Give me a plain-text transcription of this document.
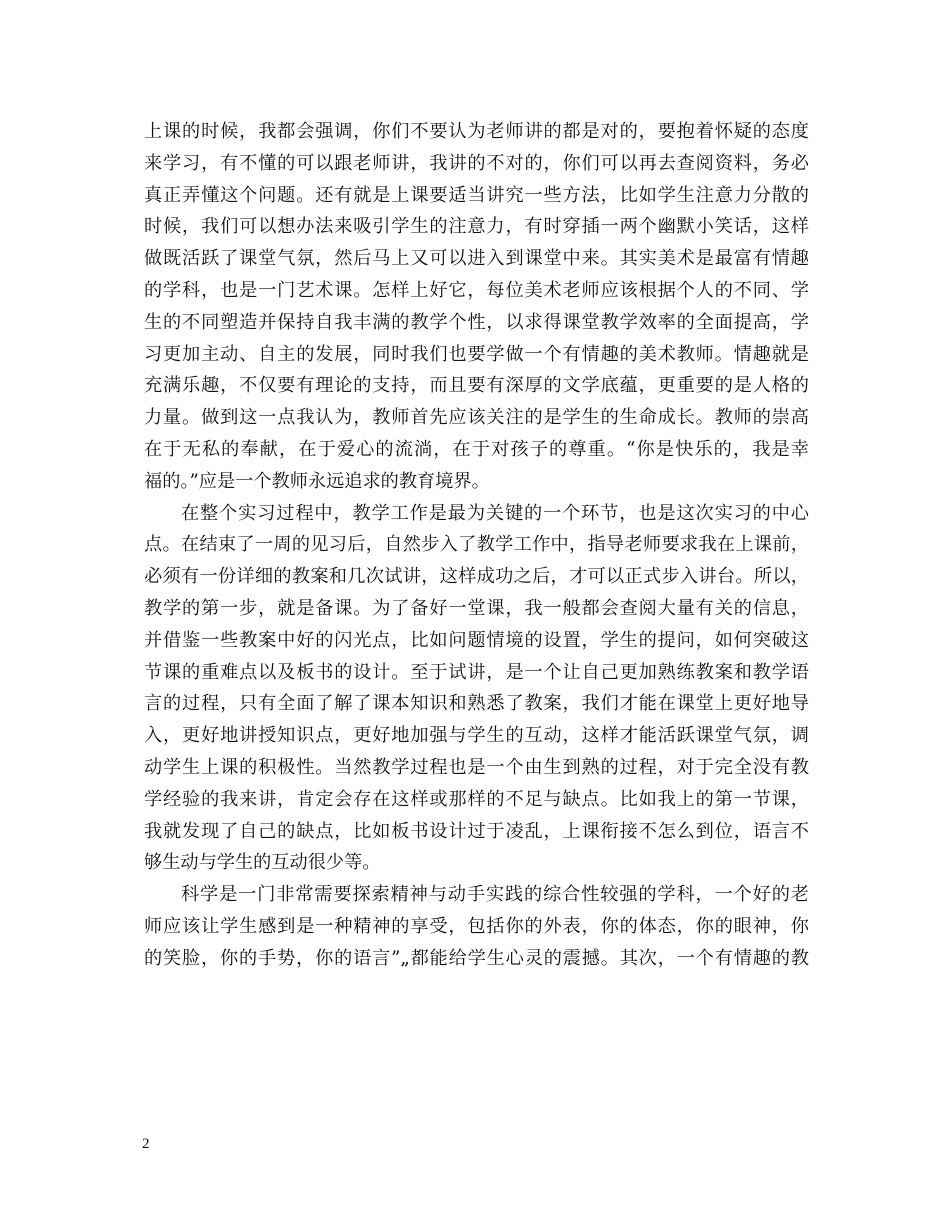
上课的时候，我都会强调，你们不要认为老师讲的都是对的，要抱着怀疑的态度
来学习，有不懂的可以跟老师讲，我讲的不对的，你们可以再去查阅资料，务必
真正弄懂这个问题。还有就是上课要适当讲究一些方法，比如学生注意力分散的
时候，我们可以想办法来吸引学生的注意力，有时穿插一两个幽默小笑话，这样
做既活跃了课堂气氛，然后马上又可以进入到课堂中来。其实美术是最富有情趣
的学科，也是一门艺术课。怎样上好它，每位美术老师应该根据个人的不同、学
生的不同塑造并保持自我丰满的教学个性，以求得课堂教学效率的全面提高，学
习更加主动、自主的发展，同时我们也要学做一个有情趣的美术教师。情趣就是
充满乐趣，不仅要有理论的支持，而且要有深厚的文学底蕴，更重要的是人格的
力量。做到这一点我认为，教师首先应该关注的是学生的生命成长。教师的崇高
在于无私的奉献，在于爱心的流淌，在于对孩子的尊重。“你是快乐的，我是幸
福的。”应是一个教师永远追求的教育境界。
在整个实习过程中，教学工作是最为关键的一个环节，也是这次实习的中心
点。在结束了一周的见习后，自然步入了教学工作中，指导老师要求我在上课前，
必须有一份详细的教案和几次试讲，这样成功之后，才可以正式步入讲台。所以，
教学的第一步，就是备课。为了备好一堂课，我一般都会查阅大量有关的信息，
并借鉴一些教案中好的闪光点，比如问题情境的设置，学生的提问，如何突破这
节课的重难点以及板书的设计。至于试讲，是一个让自己更加熟练教案和教学语
言的过程，只有全面了解了课本知识和熟悉了教案，我们才能在课堂上更好地导
入，更好地讲授知识点，更好地加强与学生的互动，这样才能活跃课堂气氛，调
动学生上课的积极性。当然教学过程也是一个由生到熟的过程，对于完全没有教
学经验的我来讲，肯定会存在这样或那样的不足与缺点。比如我上的第一节课，
我就发现了自己的缺点，比如板书设计过于凌乱，上课衔接不怎么到位，语言不
够生动与学生的互动很少等。
科学是一门非常需要探索精神与动手实践的综合性较强的学科，一个好的老
师应该让学生感到是一种精神的享受，包括你的外表，你的体态，你的眼神，你
的笑脸，你的手势，你的语言”„都能给学生心灵的震撼。其次，一个有情趣的教
2
